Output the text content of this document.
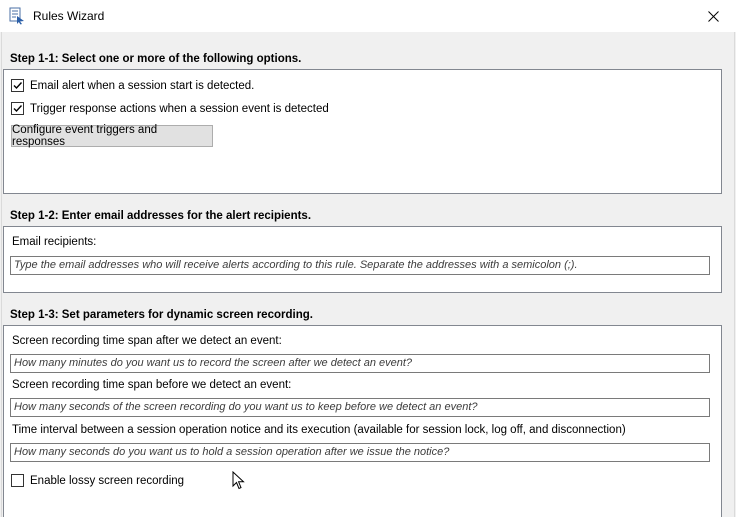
Rules Wizard
Step 1-1: Select one or more of the following options.
Email alert when a session start is detected.
Trigger response actions when a session event is detected
Configure event triggers and responses
Step 1-2: Enter email addresses for the alert recipients.
Email recipients:
Type the email addresses who will receive alerts according to this rule. Separate the addresses with a semicolon (;).
Step 1-3: Set parameters for dynamic screen recording.
Screen recording time span after we detect an event:
How many minutes do you want us to record the screen after we detect an event?
Screen recording time span before we detect an event:
How many seconds of the screen recording do you want us to keep before we detect an event?
Time interval between a session operation notice and its execution (available for session lock, log off, and disconnection)
How many seconds do you want us to hold a session operation after we issue the notice?
Enable lossy screen recording
